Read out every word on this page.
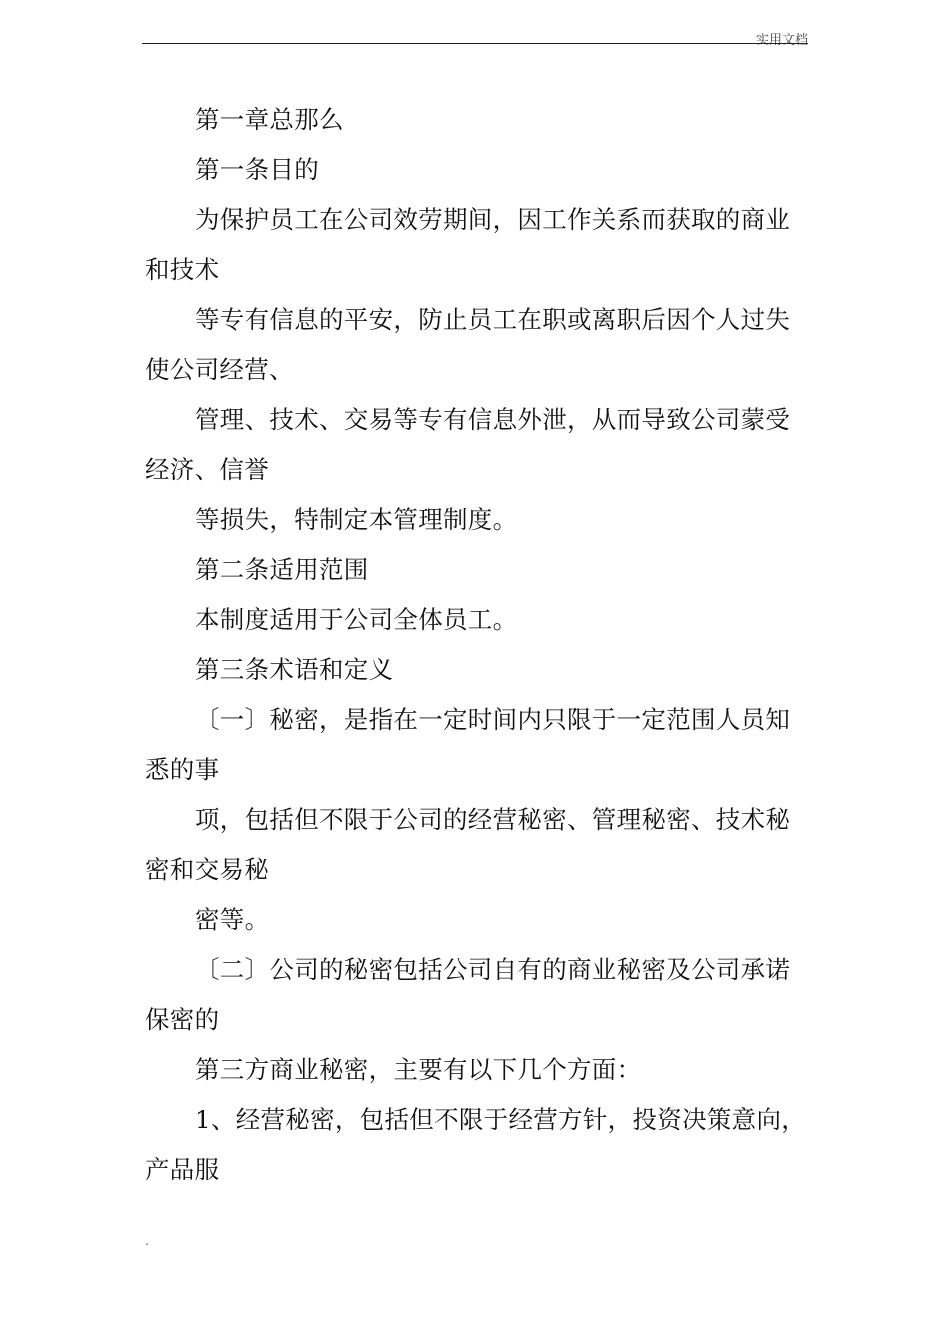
实用文档
第一章总那么
第一条目的
为保护员工在公司效劳期间，因工作关系而获取的商业
和技术
等专有信息的平安，防止员工在职或离职后因个人过失
使公司经营、
管理、技术、交易等专有信息外泄，从而导致公司蒙受
经济、信誉
等损失，特制定本管理制度。
第二条适用范围
本制度适用于公司全体员工。
第三条术语和定义
〔一〕秘密，是指在一定时间内只限于一定范围人员知
悉的事
项，包括但不限于公司的经营秘密、管理秘密、技术秘
密和交易秘
密等。
〔二〕公司的秘密包括公司自有的商业秘密及公司承诺
保密的
第三方商业秘密，主要有以下几个方面：
1、经营秘密，包括但不限于经营方针，投资决策意向，
产品服
.
